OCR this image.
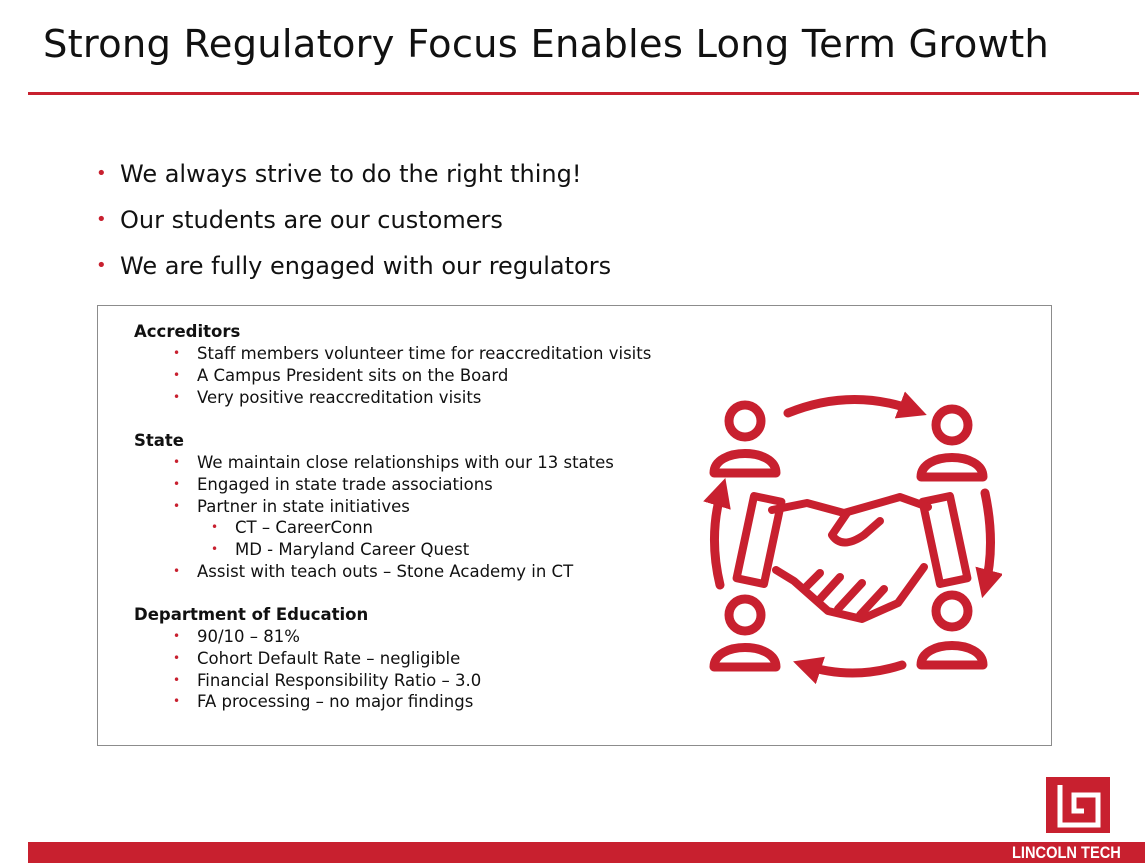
Strong Regulatory Focus Enables Long Term Growth
• We always strive to do the right thing!
• Our students are our customers
• We are fully engaged with our regulators
Accreditors
• Staff members volunteer time for reaccreditation visits
• A Campus President sits on the Board
• Very positive reaccreditation visits
State
• We maintain close relationships with our 13 states
• Engaged in state trade associations
• Partner in state initiatives
• CT – CareerConn
• MD - Maryland Career Quest
• Assist with teach outs – Stone Academy in CT
Department of Education
• 90/10 – 81%
• Cohort Default Rate – negligible
• Financial Responsibility Ratio – 3.0
• FA processing – no major findings
LINCOLN TECH
